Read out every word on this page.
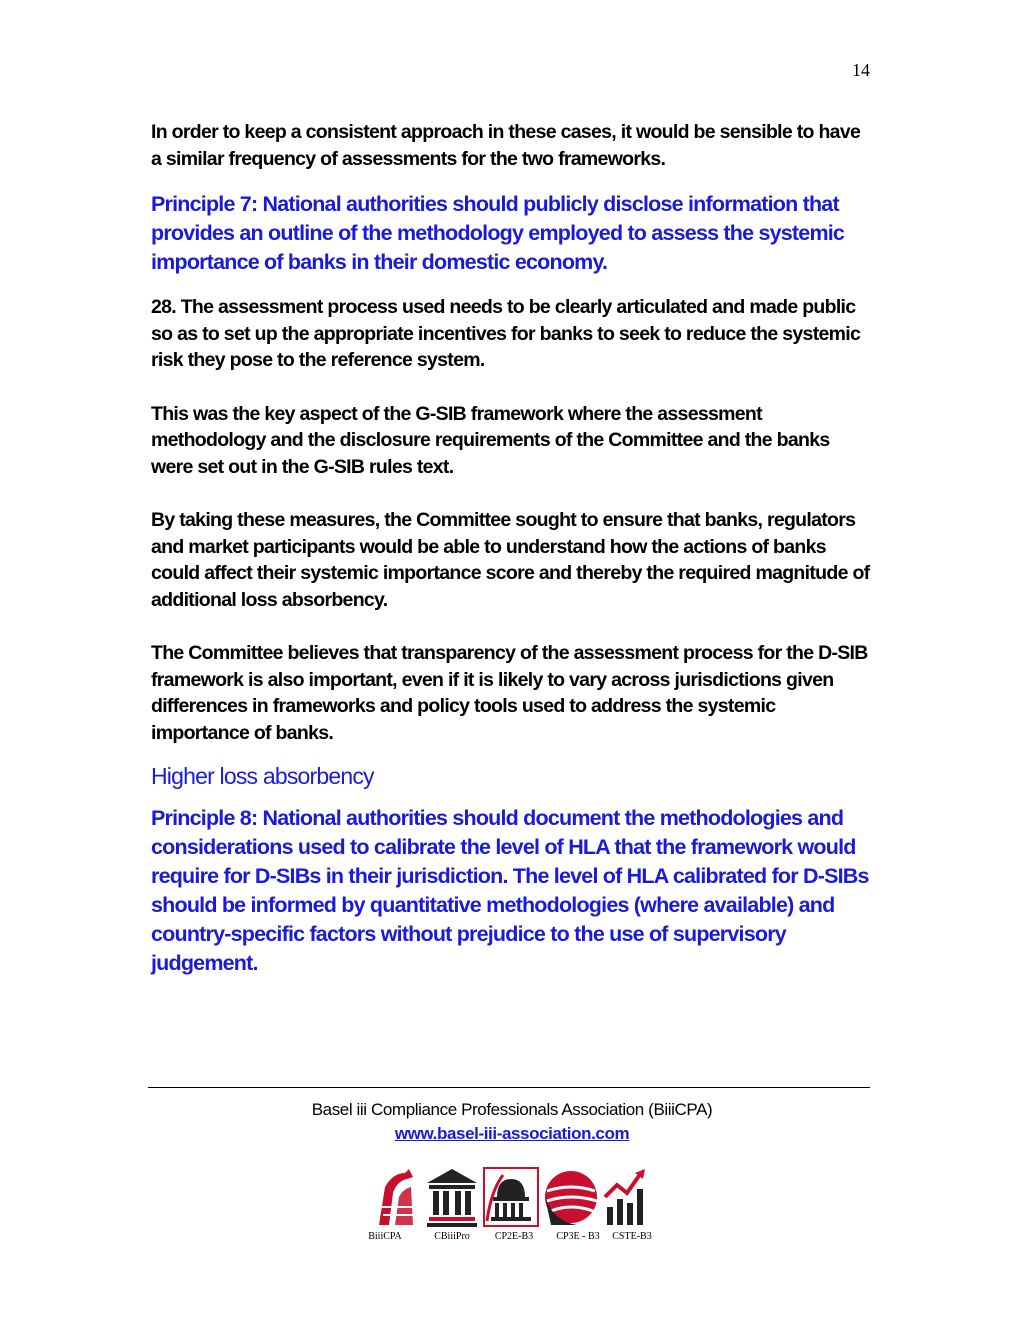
14

In order to keep a consistent approach in these cases, it would be sensible to have a similar frequency of assessments for the two frameworks.

Principle 7: National authorities should publicly disclose information that provides an outline of the methodology employed to assess the systemic importance of banks in their domestic economy.

28. The assessment process used needs to be clearly articulated and made public so as to set up the appropriate incentives for banks to seek to reduce the systemic risk they pose to the reference system.

This was the key aspect of the G-SIB framework where the assessment methodology and the disclosure requirements of the Committee and the banks were set out in the G-SIB rules text.

By taking these measures, the Committee sought to ensure that banks, regulators and market participants would be able to understand how the actions of banks could affect their systemic importance score and thereby the required magnitude of additional loss absorbency.

The Committee believes that transparency of the assessment process for the D-SIB framework is also important, even if it is likely to vary across jurisdictions given differences in frameworks and policy tools used to address the systemic importance of banks.

Higher loss absorbency

Principle 8: National authorities should document the methodologies and considerations used to calibrate the level of HLA that the framework would require for D-SIBs in their jurisdiction. The level of HLA calibrated for D-SIBs should be informed by quantitative methodologies (where available) and country-specific factors without prejudice to the use of supervisory judgement.

Basel iii Compliance Professionals Association (BiiiCPA)
www.basel-iii-association.com
BiiiCPA	CBiiiPro	CP2E-B3	CP3E - B3	CSTE-B3
